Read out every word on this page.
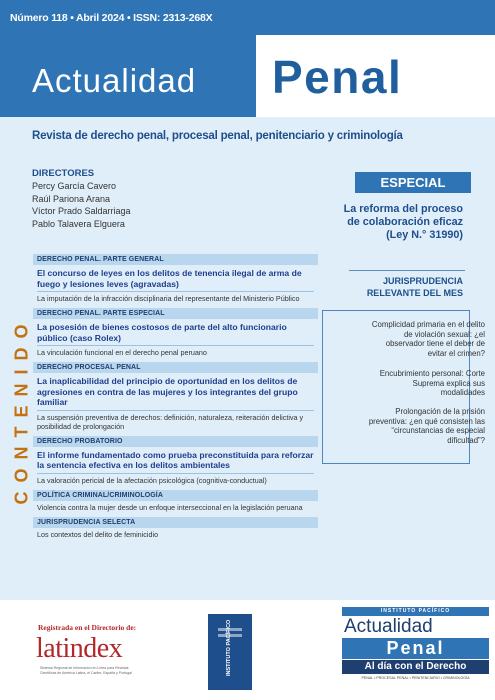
Número 118 • Abril 2024 • ISSN: 2313-268X
Actualidad Penal
Revista de derecho penal, procesal penal, penitenciario y criminología
DIRECTORES
Percy García Cavero
Raúl Pariona Arana
Víctor Prado Saldarriaga
Pablo Talavera Elguera
CONTENIDO
DERECHO PENAL. PARTE GENERAL
El concurso de leyes en los delitos de tenencia ilegal de arma de fuego y lesiones leves (agravadas)
La imputación de la infracción disciplinaria del representante del Ministerio Público
DERECHO PENAL. PARTE ESPECIAL
La posesión de bienes costosos de parte del alto funcionario público (caso Rolex)
La vinculación funcional en el derecho penal peruano
DERECHO PROCESAL PENAL
La inaplicabilidad del principio de oportunidad en los delitos de agresiones en contra de las mujeres y los integrantes del grupo familiar
La suspensión preventiva de derechos: definición, naturaleza, reiteración delictiva y posibilidad de prolongación
DERECHO PROBATORIO
El informe fundamentado como prueba preconstituida para reforzar la sentencia efectiva en los delitos ambientales
La valoración pericial de la afectación psicológica (cognitiva-conductual)
POLÍTICA CRIMINAL/CRIMINOLOGÍA
Violencia contra la mujer desde un enfoque interseccional en la legislación peruana
JURISPRUDENCIA SELECTA
Los contextos del delito de feminicidio
ESPECIAL
La reforma del proceso
de colaboración eficaz
(Ley N.° 31990)
JURISPRUDENCIA
RELEVANTE DEL MES
Complicidad primaria en el delito
de violación sexual: ¿el
observador tiene el deber de
evitar el crimen?
Encubrimiento personal: Corte
Suprema explica sus
modalidades
Prolongación de la prisión
preventiva: ¿en qué consisten las
“circunstancias de especial
dificultad”?
Registrada en el Directorio de:
latindex
Sistema Regional de Información en Línea para Revistas Científicas de América Latina, el Caribe, España y Portugal	INSTITUTO PACÍFICO
INSTITUTO PACÍFICO
Actualidad
Penal
Al día con el Derecho
PENAL • PROCESAL PENAL • PENITENCIARIO • CRIMINOLOGÍA
